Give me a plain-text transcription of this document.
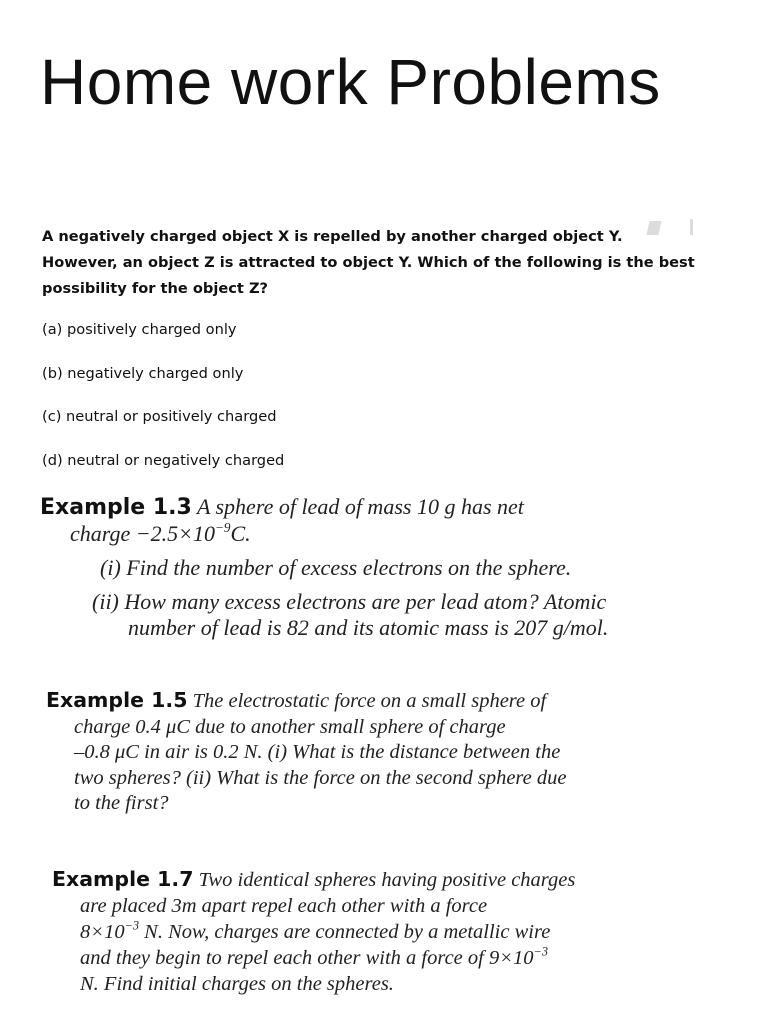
Home work Problems

A negatively charged object X is repelled by another charged object Y.
However, an object Z is attracted to object Y. Which of the following is the best
possibility for the object Z?

(a) positively charged only

(b) negatively charged only

(c) neutral or positively charged

(d) neutral or negatively charged

Example 1.3 A sphere of lead of mass 10 g has net
charge $-2.5\times 10^{-9}C$.
(i) Find the number of excess electrons on the sphere.
(ii) How many excess electrons are per lead atom? Atomic
number of lead is 82 and its atomic mass is 207 g/mol.
Example 1.5 The electrostatic force on a small sphere of
charge 0.4 μC due to another small sphere of charge
–0.8 μC in air is 0.2 N. (i) What is the distance between the
two spheres? (ii) What is the force on the second sphere due
to the first?
Example 1.7 Two identical spheres having positive charges
are placed 3m apart repel each other with a force
$8\times 10^{-3}$ N. Now, charges are connected by a metallic wire
and they begin to repel each other with a force of $9\times 10^{-3}$
N. Find initial charges on the spheres.
